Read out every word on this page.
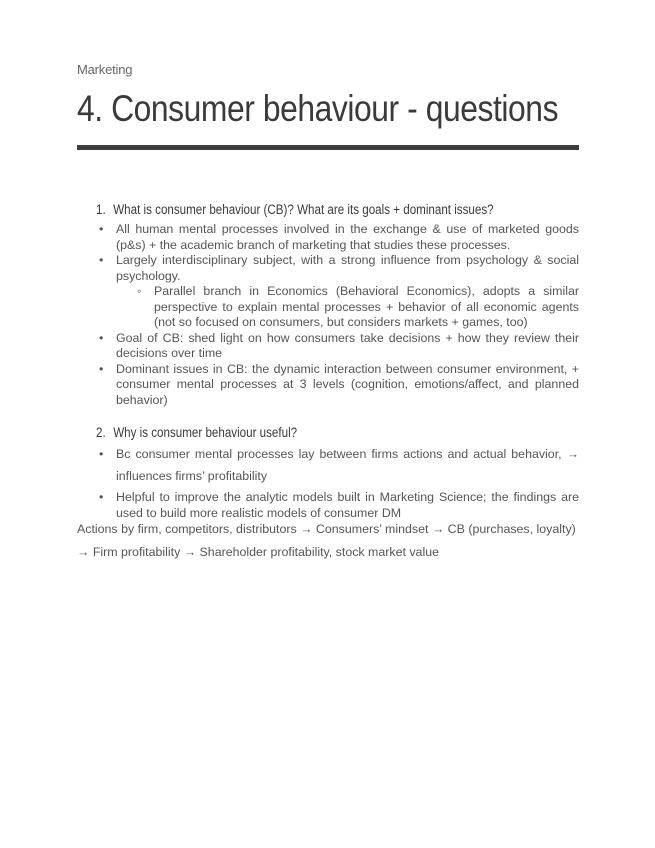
Marketing
4. Consumer behaviour - questions
1. What is consumer behaviour (CB)? What are its goals + dominant issues?
• All human mental processes involved in the exchange & use of marketed goods (p&s) + the academic branch of marketing that studies these processes.
• Largely interdisciplinary subject, with a strong influence from psychology & social psychology.
◦ Parallel branch in Economics (Behavioral Economics), adopts a similar perspective to explain mental processes + behavior of all economic agents (not so focused on consumers, but considers markets + games, too)
• Goal of CB: shed light on how consumers take decisions + how they review their decisions over time
• Dominant issues in CB: the dynamic interaction between consumer environment, + consumer mental processes at 3 levels (cognition, emotions/affect, and planned behavior)
2. Why is consumer behaviour useful?
• Bc consumer mental processes lay between firms actions and actual behavior, → influences firms’ profitability
• Helpful to improve the analytic models built in Marketing Science; the findings are used to build more realistic models of consumer DM
Actions by firm, competitors, distributors → Consumers’ mindset → CB (purchases, loyalty)
→ Firm profitability → Shareholder profitability, stock market value
